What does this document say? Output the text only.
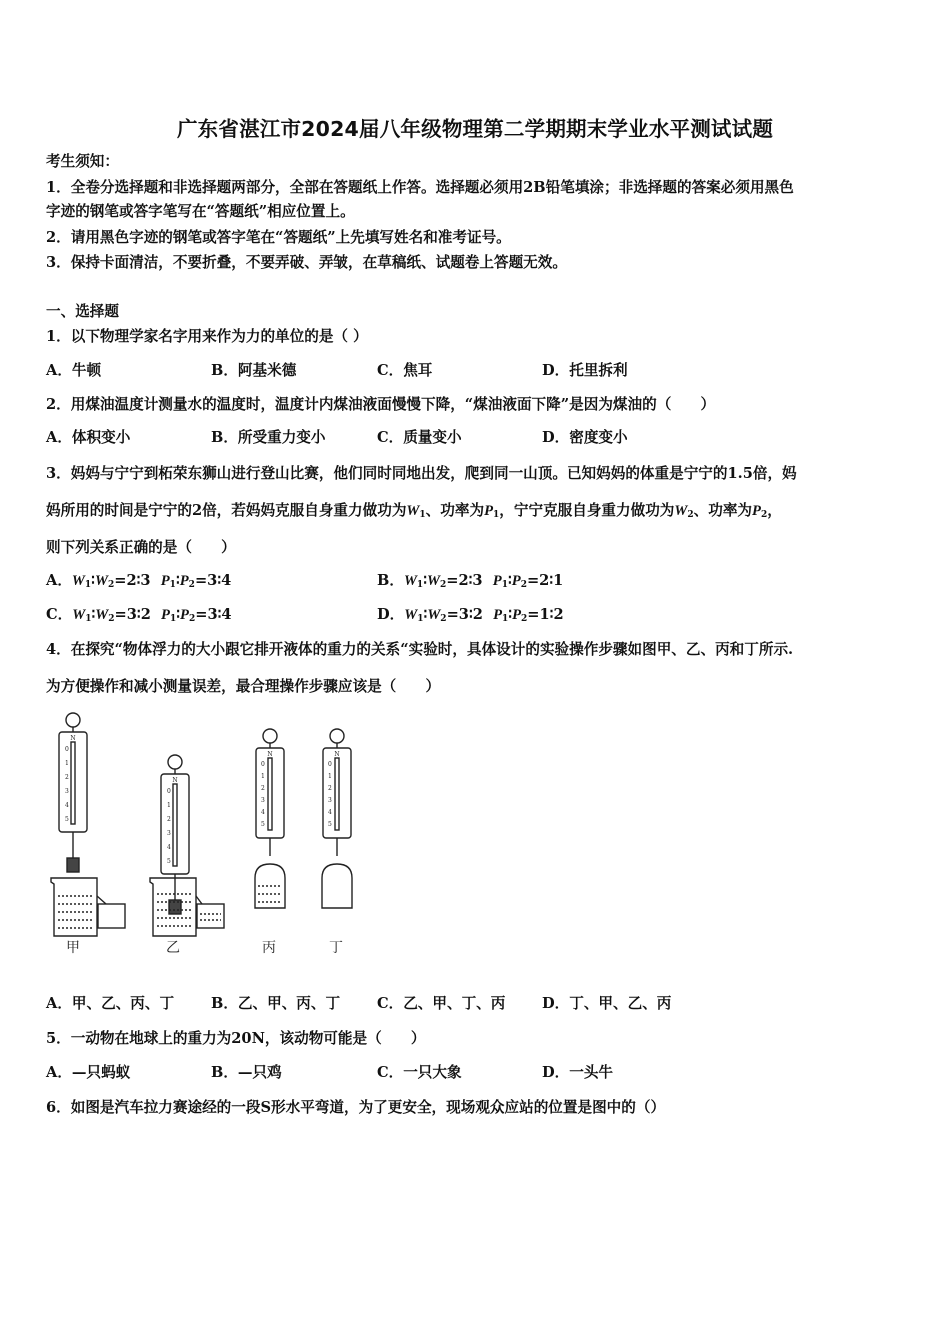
广东省湛江市2024届八年级物理第二学期期末学业水平测试试题
考生须知：
1．全卷分选择题和非选择题两部分，全部在答题纸上作答。选择题必须用2B铅笔填涂；非选择题的答案必须用黑色
字迹的钢笔或答字笔写在“答题纸”相应位置上。
2．请用黑色字迹的钢笔或答字笔在“答题纸”上先填写姓名和准考证号。
3．保持卡面清洁，不要折叠，不要弄破、弄皱，在草稿纸、试题卷上答题无效。
一、选择题
1．以下物理学家名字用来作为力的单位的是（ ）
A．牛顿	B．阿基米德	C．焦耳	D．托里拆利
2．用煤油温度计测量水的温度时，温度计内煤油液面慢慢下降，“煤油液面下降”是因为煤油的（　　）
A．体积变小	B．所受重力变小	C．质量变小	D．密度变小
3．妈妈与宁宁到柘荣东狮山进行登山比赛，他们同时同地出发，爬到同一山顶。已知妈妈的体重是宁宁的1.5倍，妈
妈所用的时间是宁宁的2倍，若妈妈克服自身重力做功为$W_1$、功率为$P_1$，宁宁克服自身重力做功为$W_2$、功率为$P_2$，
则下列关系正确的是（　　）
A．$W_1∶W_2=2∶3$ $P_1∶P_2=3∶4$	B．$W_1∶W_2=2∶3$ $P_1∶P_2=2∶1$
C．$W_1∶W_2=3∶2$ $P_1∶P_2=3∶4$	D．$W_1∶W_2=3∶2$ $P_1∶P_2=1∶2$
4．在探究“物体浮力的大小跟它排开液体的重力的关系“实验时，具体设计的实验操作步骤如图甲、乙、丙和丁所示.
为方便操作和减小测量误差，最合理操作步骤应该是（　　）
N
0
1
2
3
4
5
N
0
1
2
3
4
5
N
0
1
2
3
4
5
N
0
1
2
3
4
5
甲	乙	丙	丁
A．甲、乙、丙、丁	B．乙、甲、丙、丁	C．乙、甲、丁、丙	D．丁、甲、乙、丙
5．一动物在地球上的重力为20N，该动物可能是（　　）
A．—只蚂蚁	B．—只鸡	C．一只大象	D．一头牛
6．如图是汽车拉力赛途经的一段S形水平弯道，为了更安全，现场观众应站的位置是图中的（）
